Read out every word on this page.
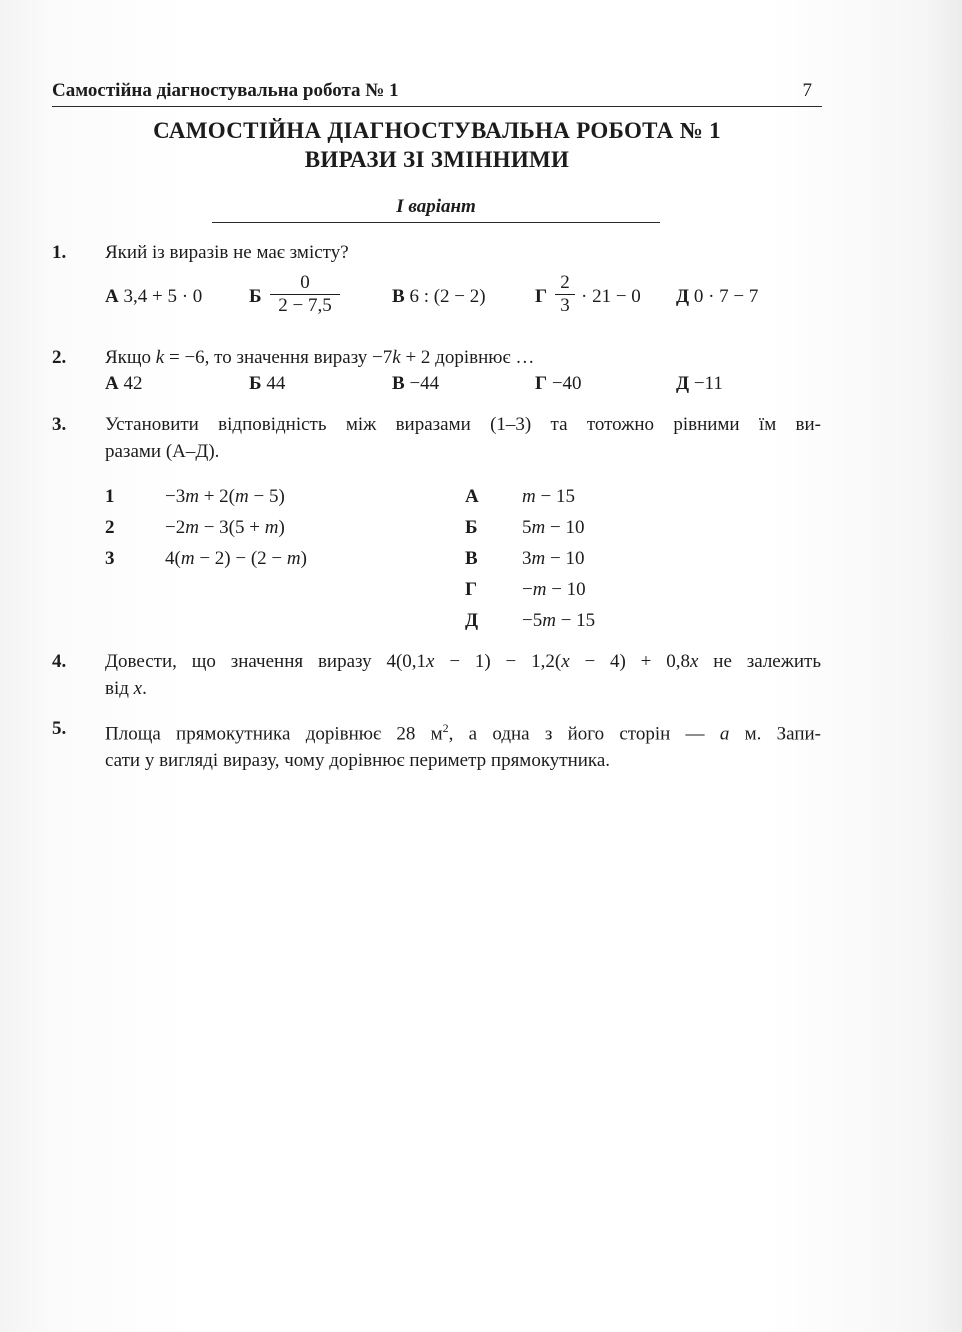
Самостійна діагностувальна робота № 1	7
САМОСТІЙНА ДІАГНОСТУВАЛЬНА РОБОТА № 1
ВИРАЗИ ЗІ ЗМІННИМИ
І варіант
1. Який із виразів не має змісту?
А 3,4 + 5 · 0 Б $\frac{0}{2 - 7,5}$	В 6 : (2 − 2)	Г $\frac{2}{3} \cdot 21 - 0$ Д 0 · 7 − 7
2. Якщо k = −6, то значення виразу −7k + 2 дорівнює …
А 42	Б 44	В −44	Г −40	Д −11
3. Установити відповідність між виразами (1–3) та тотожно рівними їм ви-
разами (А–Д).
1	−3m + 2(m − 5)
2	−2m − 3(5 + m)
3	4(m − 2) − (2 − m)
А m − 15
Б 5m − 10
В 3m − 10
Г −m − 10
Д −5m − 15
4. Довести, що значення виразу 4(0,1x − 1) − 1,2(x − 4) + 0,8x не залежить
від x.
5. Площа прямокутника дорівнює 28 $м^2$, а одна з його сторін — a м. Запи-
сати у вигляді виразу, чому дорівнює периметр прямокутника.
